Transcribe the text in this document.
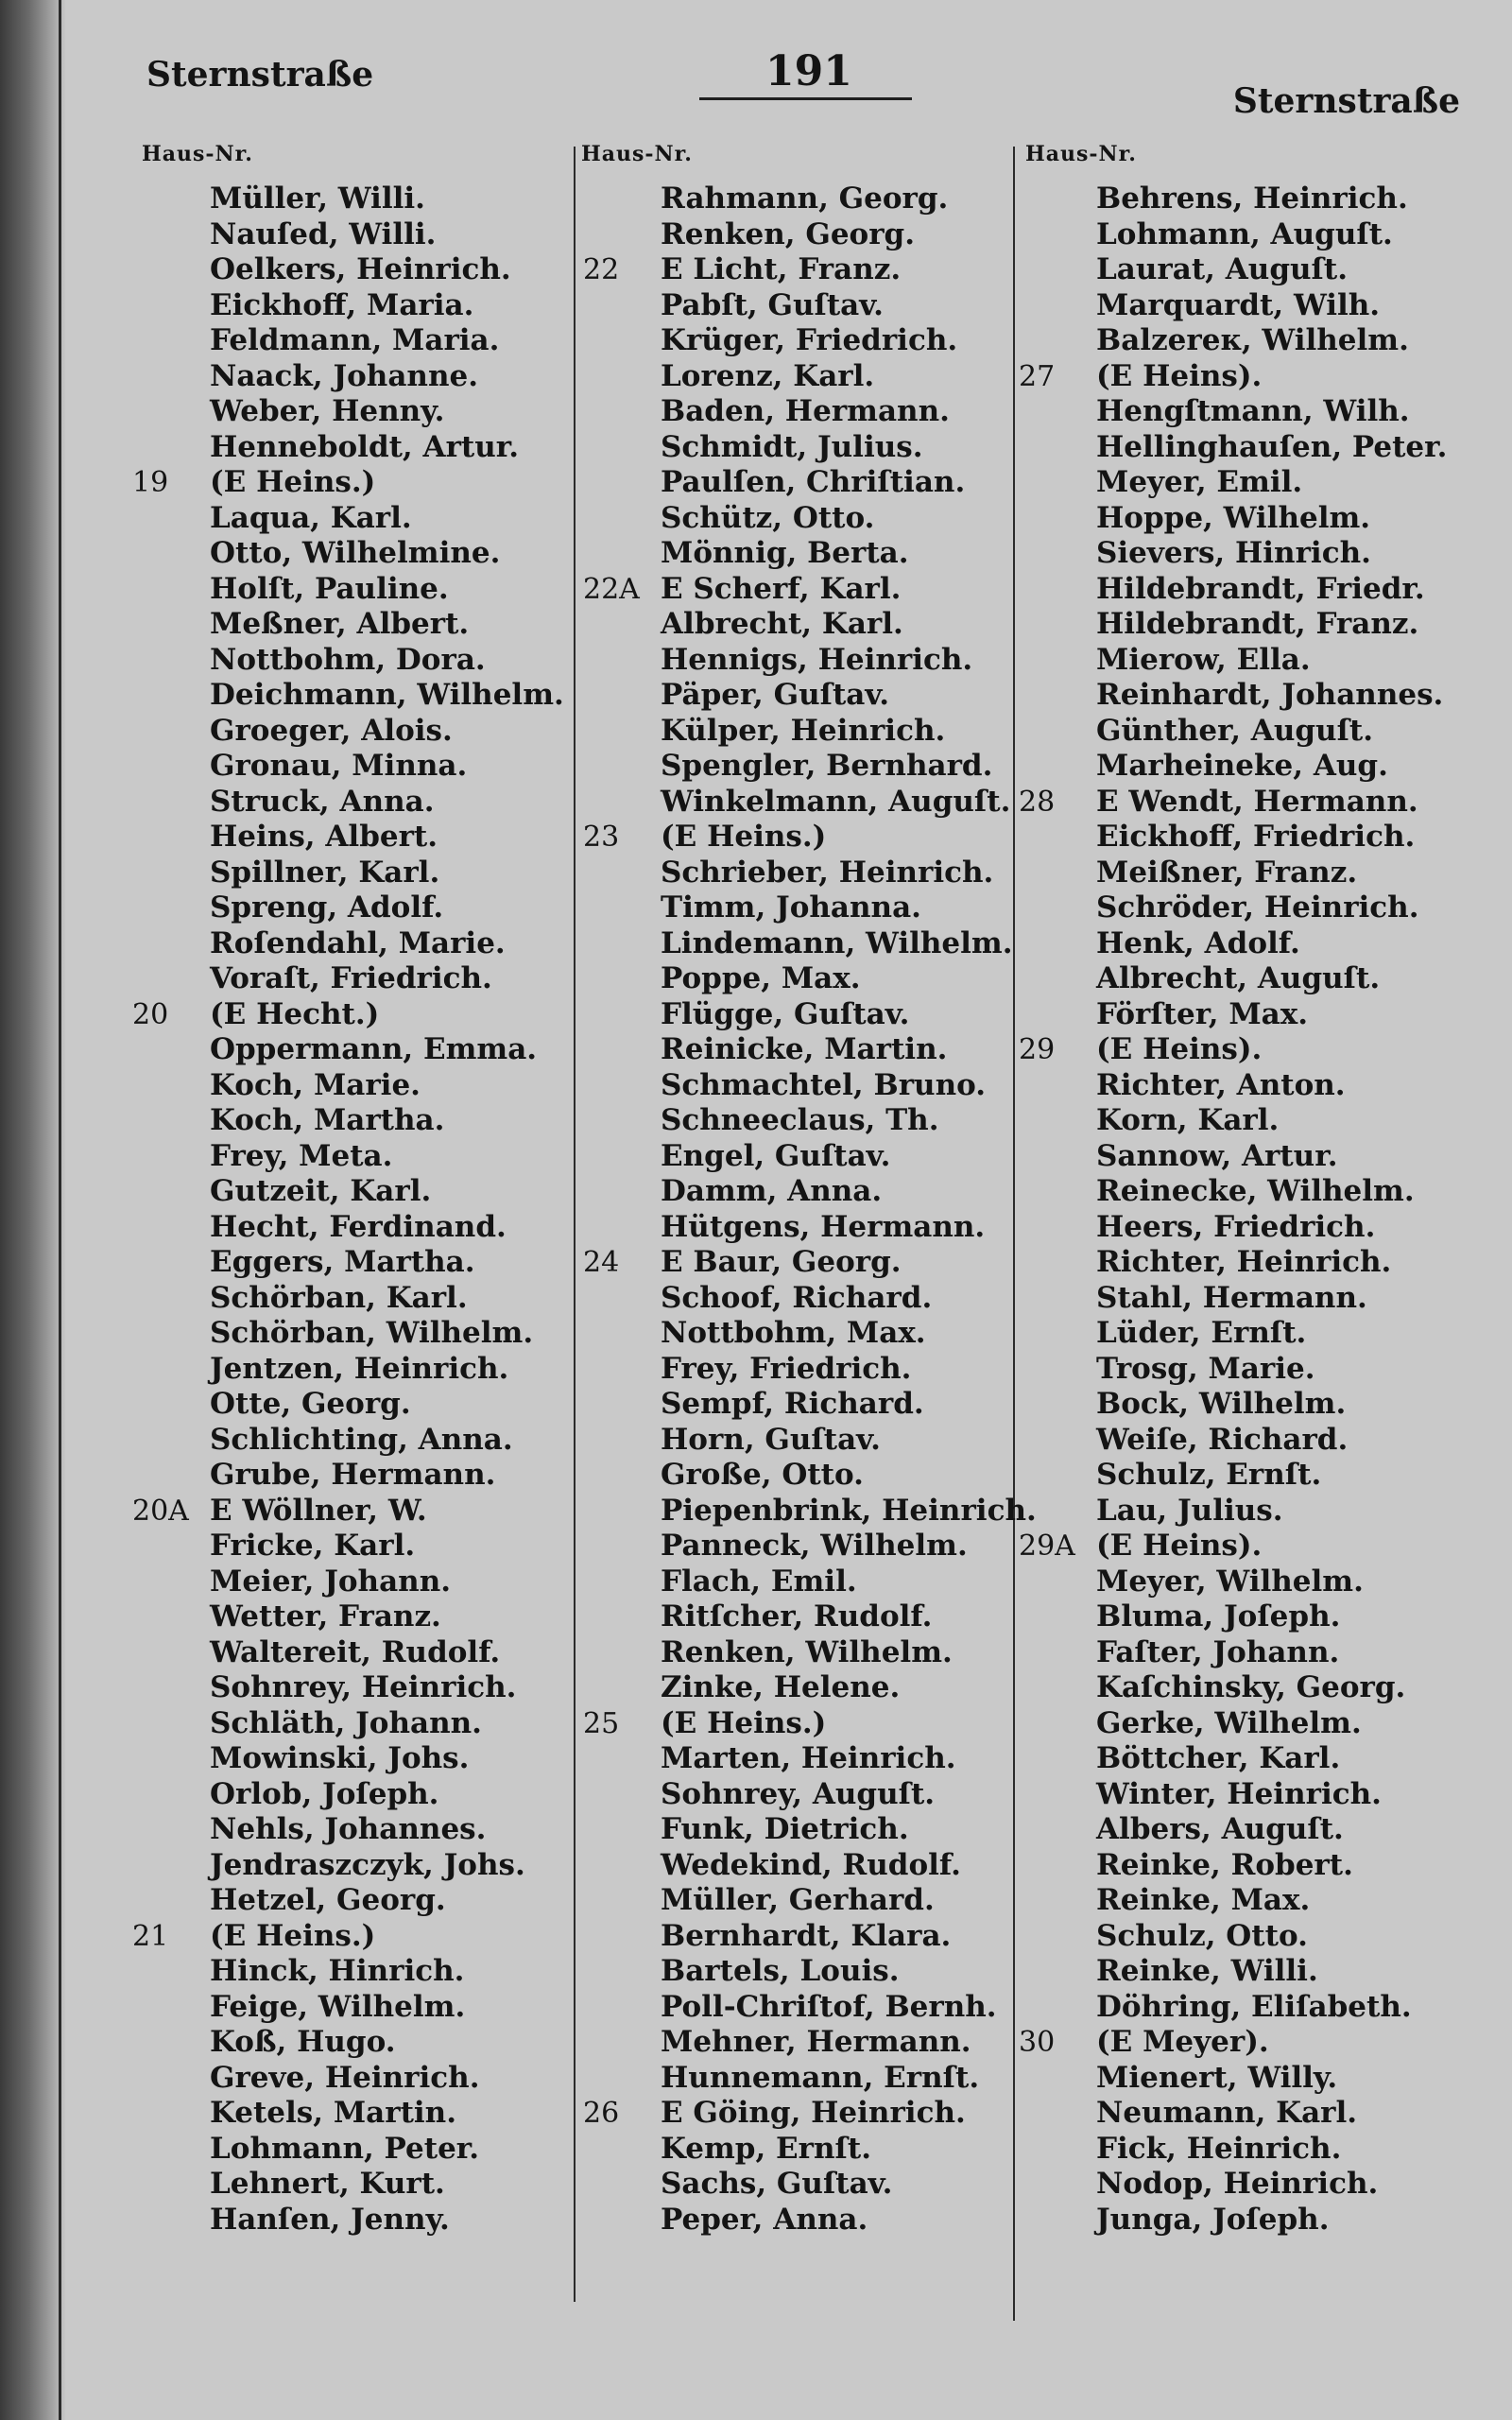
Sternstraße	191
Sternstraße
Haus-Nr.	Haus-Nr.	Haus-Nr.
Müller, Willi.
Nauſed, Willi.
Oelkers, Heinrich.
Eickhoff, Maria.
Feldmann, Maria.
Naack, Johanne.
Weber, Henny.
Henneboldt, Artur.
19	(E Heins.)
Laqua, Karl.
Otto, Wilhelmine.
Holſt, Pauline.
Meßner, Albert.
Nottbohm, Dora.
Deichmann, Wilhelm.
Groeger, Alois.
Gronau, Minna.
Struck, Anna.
Heins, Albert.
Spillner, Karl.
Spreng, Adolf.
Roſendahl, Marie.
Voraſt, Friedrich.
20	(E Hecht.)
Oppermann, Emma.
Koch, Marie.
Koch, Martha.
Frey, Meta.
Gutzeit, Karl.
Hecht, Ferdinand.
Eggers, Martha.
Schörban, Karl.
Schörban, Wilhelm.
Jentzen, Heinrich.
Otte, Georg.
Schlichting, Anna.
Grube, Hermann.
20A E Wöllner, W.
Fricke, Karl.
Meier, Johann.
Wetter, Franz.
Waltereit, Rudolf.
Sohnrey, Heinrich.
Schläth, Johann.
Mowinski, Johs.
Orlob, Joſeph.
Nehls, Johannes.
Jendraszczyk, Johs.
Hetzel, Georg.
21	(E Heins.)
Hinck, Hinrich.
Feige, Wilhelm.
Koß, Hugo.
Greve, Heinrich.
Ketels, Martin.
Lohmann, Peter.
Lehnert, Kurt.
Hanſen, Jenny.
Rahmann, Georg.
Renken, Georg.
22	E Licht, Franz.
Pabſt, Guſtav.
Krüger, Friedrich.
Lorenz, Karl.
Baden, Hermann.
Schmidt, Julius.
Paulſen, Chriſtian.
Schütz, Otto.
Mönnig, Berta.
22A E Scherf, Karl.
Albrecht, Karl.
Hennigs, Heinrich.
Päper, Guſtav.
Külper, Heinrich.
Spengler, Bernhard.
Winkelmann, Auguſt.
23	(E Heins.)
Schrieber, Heinrich.
Timm, Johanna.
Lindemann, Wilhelm.
Poppe, Max.
Flügge, Guſtav.
Reinicke, Martin.
Schmachtel, Bruno.
Schneeclaus, Th.
Engel, Guſtav.
Damm, Anna.
Hütgens, Hermann.
24	E Baur, Georg.
Schoof, Richard.
Nottbohm, Max.
Frey, Friedrich.
Sempf, Richard.
Horn, Guſtav.
Große, Otto.
Piepenbrink, Heinrich.
Panneck, Wilhelm.
Flach, Emil.
Ritſcher, Rudolf.
Renken, Wilhelm.
Zinke, Helene.
25	(E Heins.)
Marten, Heinrich.
Sohnrey, Auguſt.
Funk, Dietrich.
Wedekind, Rudolf.
Müller, Gerhard.
Bernhardt, Klara.
Bartels, Louis.
Poll-Chriſtof, Bernh.
Mehner, Hermann.
Hunnemann, Ernſt.
26	E Göing, Heinrich.
Kemp, Ernſt.
Sachs, Guſtav.
Peper, Anna.
Behrens, Heinrich.
Lohmann, Auguſt.
Laurat, Auguſt.
Marquardt, Wilh.
Balzereк, Wilhelm.
27	(E Heins).
Hengſtmann, Wilh.
Hellinghauſen, Peter.
Meyer, Emil.
Hoppe, Wilhelm.
Sievers, Hinrich.
Hildebrandt, Friedr.
Hildebrandt, Franz.
Mierow, Ella.
Reinhardt, Johannes.
Günther, Auguſt.
Marheineke, Aug.
28	E Wendt, Hermann.
Eickhoff, Friedrich.
Meißner, Franz.
Schröder, Heinrich.
Henk, Adolf.
Albrecht, Auguſt.
Förſter, Max.
29	(E Heins).
Richter, Anton.
Korn, Karl.
Sannow, Artur.
Reinecke, Wilhelm.
Heers, Friedrich.
Richter, Heinrich.
Stahl, Hermann.
Lüder, Ernſt.
Trosg, Marie.
Bock, Wilhelm.
Weiſe, Richard.
Schulz, Ernſt.
Lau, Julius.
29A (E Heins).
Meyer, Wilhelm.
Bluma, Joſeph.
Faſter, Johann.
Kaſchinsky, Georg.
Gerke, Wilhelm.
Böttcher, Karl.
Winter, Heinrich.
Albers, Auguſt.
Reinke, Robert.
Reinke, Max.
Schulz, Otto.
Reinke, Willi.
Döhring, Eliſabeth.
30	(E Meyer).
Mienert, Willy.
Neumann, Karl.
Fick, Heinrich.
Nodop, Heinrich.
Junga, Joſeph.
